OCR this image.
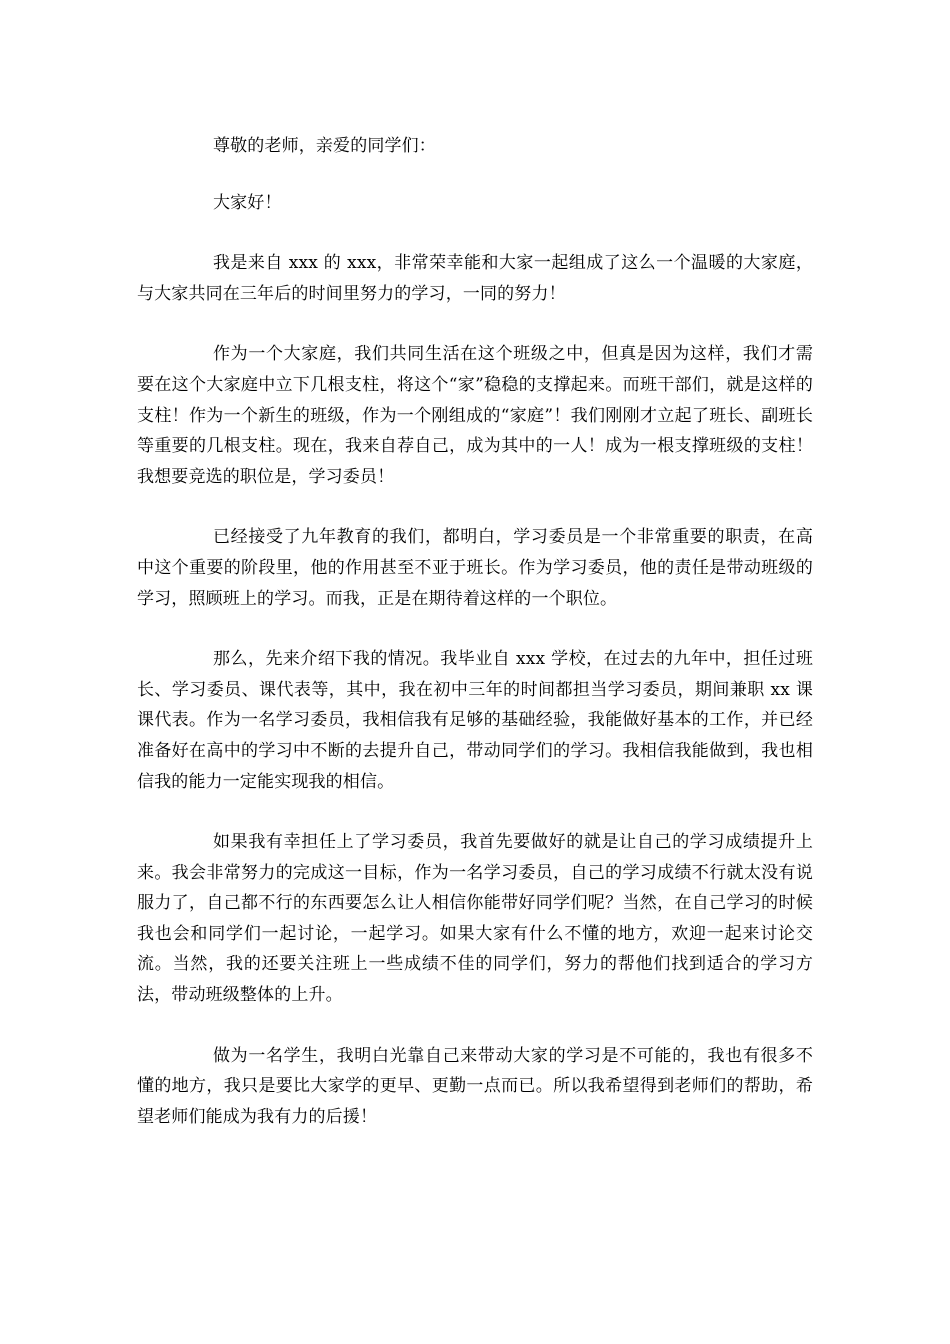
尊敬的老师，亲爱的同学们：

大家好！

我是来自 xxx 的 xxx，非常荣幸能和大家一起组成了这么一个温暖的大家庭，与大家共同在三年后的时间里努力的学习，一同的努力！

作为一个大家庭，我们共同生活在这个班级之中，但真是因为这样，我们才需要在这个大家庭中立下几根支柱，将这个“家”稳稳的支撑起来。而班干部们，就是这样的支柱！作为一个新生的班级，作为一个刚组成的“家庭”！我们刚刚才立起了班长、副班长等重要的几根支柱。现在，我来自荐自己，成为其中的一人！成为一根支撑班级的支柱！我想要竞选的职位是，学习委员！

已经接受了九年教育的我们，都明白，学习委员是一个非常重要的职责，在高中这个重要的阶段里，他的作用甚至不亚于班长。作为学习委员，他的责任是带动班级的学习，照顾班上的学习。而我，正是在期待着这样的一个职位。

那么，先来介绍下我的情况。我毕业自 xxx 学校，在过去的九年中，担任过班长、学习委员、课代表等，其中，我在初中三年的时间都担当学习委员，期间兼职 xx 课课代表。作为一名学习委员，我相信我有足够的基础经验，我能做好基本的工作，并已经准备好在高中的学习中不断的去提升自己，带动同学们的学习。我相信我能做到，我也相信我的能力一定能实现我的相信。

如果我有幸担任上了学习委员，我首先要做好的就是让自己的学习成绩提升上来。我会非常努力的完成这一目标，作为一名学习委员，自己的学习成绩不行就太没有说服力了，自己都不行的东西要怎么让人相信你能带好同学们呢？当然，在自己学习的时候我也会和同学们一起讨论，一起学习。如果大家有什么不懂的地方，欢迎一起来讨论交流。当然，我的还要关注班上一些成绩不佳的同学们，努力的帮他们找到适合的学习方法，带动班级整体的上升。

做为一名学生，我明白光靠自己来带动大家的学习是不可能的，我也有很多不懂的地方，我只是要比大家学的更早、更勤一点而已。所以我希望得到老师们的帮助，希望老师们能成为我有力的后援！
